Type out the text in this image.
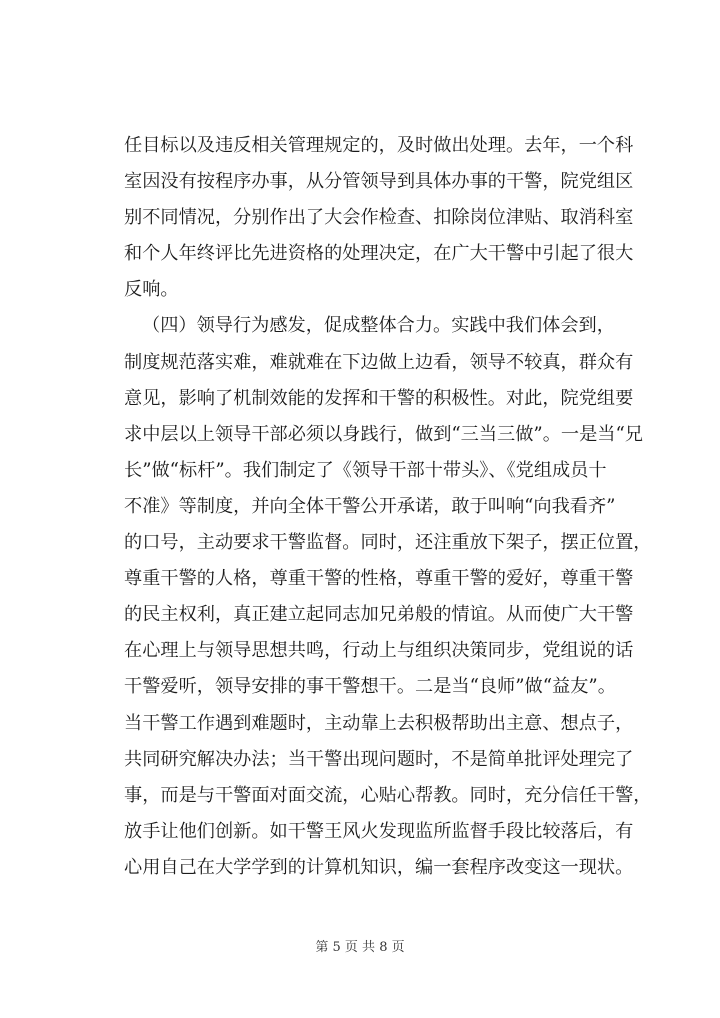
任目标以及违反相关管理规定的，及时做出处理。去年，一个科
室因没有按程序办事，从分管领导到具体办事的干警，院党组区
别不同情况，分别作出了大会作检查、扣除岗位津贴、取消科室
和个人年终评比先进资格的处理决定，在广大干警中引起了很大
反响。
（四）领导行为感发，促成整体合力。实践中我们体会到，
制度规范落实难，难就难在下边做上边看，领导不较真，群众有
意见，影响了机制效能的发挥和干警的积极性。对此，院党组要
求中层以上领导干部必须以身践行，做到“三当三做”。一是当“兄
长”做“标杆”。我们制定了《领导干部十带头》、《党组成员十
不准》等制度，并向全体干警公开承诺，敢于叫响“向我看齐”
的口号，主动要求干警监督。同时，还注重放下架子，摆正位置，
尊重干警的人格，尊重干警的性格，尊重干警的爱好，尊重干警
的民主权利，真正建立起同志加兄弟般的情谊。从而使广大干警
在心理上与领导思想共鸣，行动上与组织决策同步，党组说的话
干警爱听，领导安排的事干警想干。二是当“良师”做“益友”。
当干警工作遇到难题时，主动靠上去积极帮助出主意、想点子，
共同研究解决办法；当干警出现问题时，不是简单批评处理完了
事，而是与干警面对面交流，心贴心帮教。同时，充分信任干警，
放手让他们创新。如干警王风火发现监所监督手段比较落后，有
心用自己在大学学到的计算机知识，编一套程序改变这一现状。
第 5 页 共 8 页
